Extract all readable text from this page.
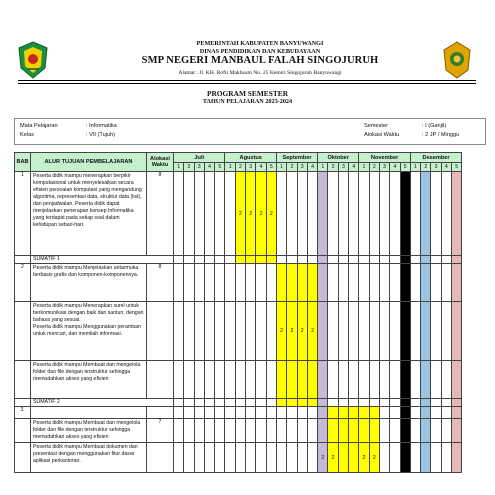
PEMERINTAH KABUPATEN BANYUWANGI
DINAS PENDIDIKAN DAN KEBUDAYAAN
SMP NEGERI MANBAUL FALAH SINGOJURUH
Alamat : Jl. KH. Rofii Makhsum No. 25 Kemiri Singojuruh Banyuwangi
PROGRAM SEMESTER
TAHUN PELAJARAN 2023-2024
Mata Pelajaran	: Informatika
Kelas	: VII (Tujuh)
Semester	: I (Ganjil)
Alokasi Waktu	: 2 JP / Minggu
BAB	ALUR TUJUAN PEMBELAJARAN	Alokasi Waktu	Juli					Agustus					September				Oktober				November					Desember				
			1	2	3	4	5	1	2	3	4	5	1	2	3	4	1	2	3	4	1	2	3	4	5	1	2	3	4	5
1	Peserta didik mampu menerapkan berpikir komputasional untuk menyelesaikan secara efisien persoalan komputasi yang mengandung algoritma, representasi data, struktur data (list), dan penjadwalan. Peserta didik dapat menjelaskan penerapan konsep Informatika yang terdapat pada setiap soal dalam kehidupan sebari-hari.	8							2	2	2	2																		
	SUMATIF 1																													
2	Peserta didik mampu Menjelaskan antarmuka berbasis grafis dan komponen-komponennya.	8																												
	Peserta didik mampu Menerapkan surel untuk berkomunikasi dengan baik dan santun, dengan bahasa yang sesuai.
Peserta didik mampu Menggunakan peramban untuk mencari, dan memilah informasi.												2	2	2	2														
	Peserta didik mampu Membuat dan mengelola folder dan file dengan terstruktur sehingga memudahkan akses yang efisien																													
	SUMATIF 2																													
3.																														
	Peserta didik mampu Membuat dan mengelola folder dan file dengan terstruktur sehingga memudahkan akses yang efisien	7																												
	Peserta didik mampu Membuat dokumen dan presentasi dengan menggunakan fitur dasar aplikasi perkantoran.																2	2			2	2								
